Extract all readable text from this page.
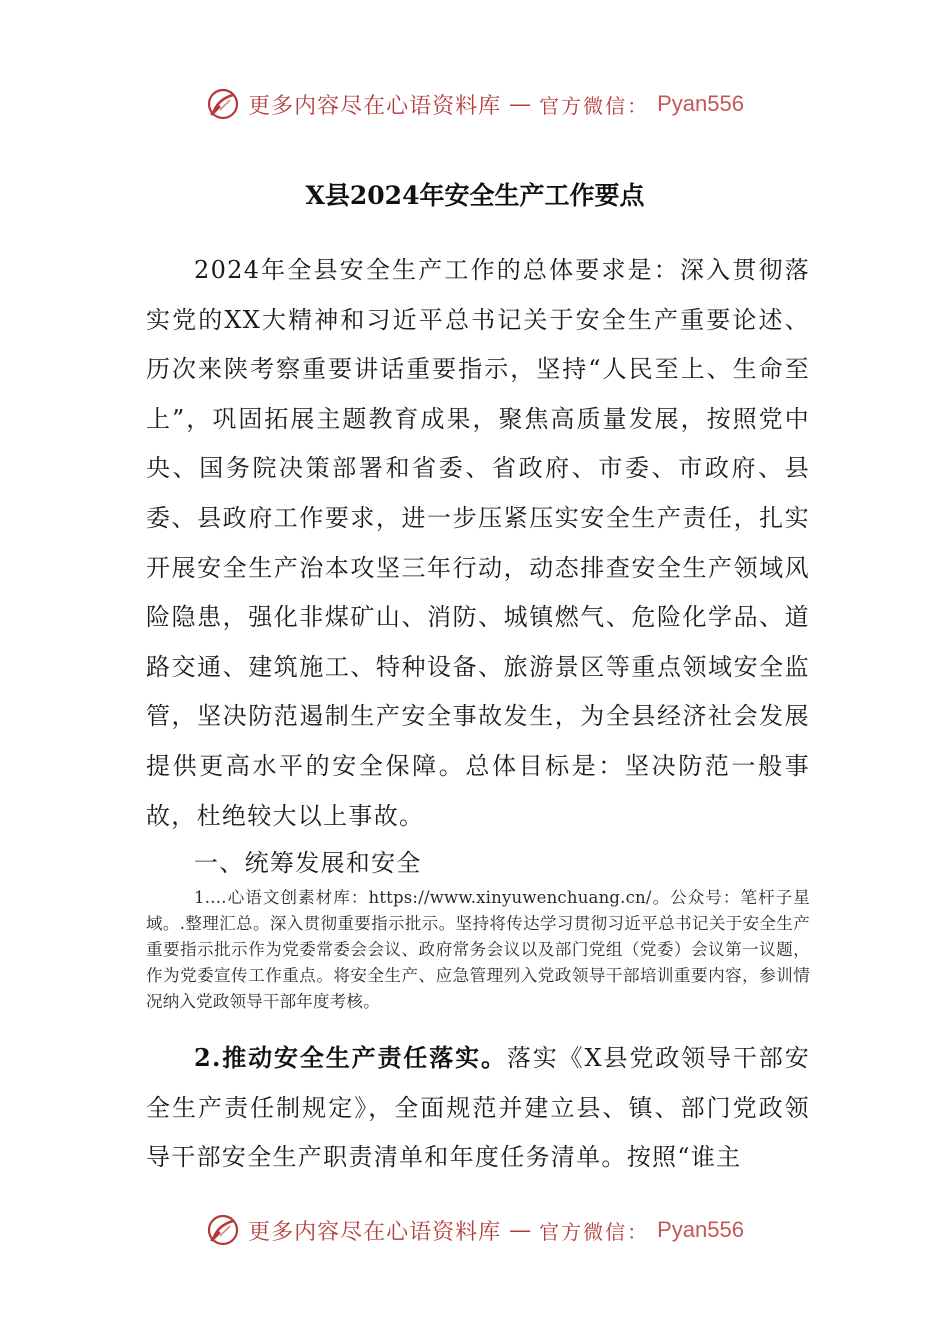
更多内容尽在心语资料库 — 官方微信： Pyan556
X县2024年安全生产工作要点

2024年全县安全生产工作的总体要求是：深入贯彻落实党的XX大精神和习近平总书记关于安全生产重要论述、历次来陕考察重要讲话重要指示，坚持“人民至上、生命至上”，巩固拓展主题教育成果，聚焦高质量发展，按照党中央、国务院决策部署和省委、省政府、市委、市政府、县委、县政府工作要求，进一步压紧压实安全生产责任，扎实开展安全生产治本攻坚三年行动，动态排查安全生产领域风险隐患，强化非煤矿山、消防、城镇燃气、危险化学品、道路交通、建筑施工、特种设备、旅游景区等重点领域安全监管，坚决防范遏制生产安全事故发生，为全县经济社会发展提供更高水平的安全保障。总体目标是：坚决防范一般事故，杜绝较大以上事故。

一、统筹发展和安全

1.…心语文创素材库：https://www.xinyuwenchuang.cn/。公众号：笔杆子星域。.整理汇总。深入贯彻重要指示批示。坚持将传达学习贯彻习近平总书记关于安全生产重要指示批示作为党委常委会会议、政府常务会议以及部门党组（党委）会议第一议题，作为党委宣传工作重点。将安全生产、应急管理列入党政领导干部培训重要内容，参训情况纳入党政领导干部年度考核。

2.推动安全生产责任落实。落实《X县党政领导干部安全生产责任制规定》，全面规范并建立县、镇、部门党政领导干部安全生产职责清单和年度任务清单。按照“谁主

更多内容尽在心语资料库 — 官方微信： Pyan556
